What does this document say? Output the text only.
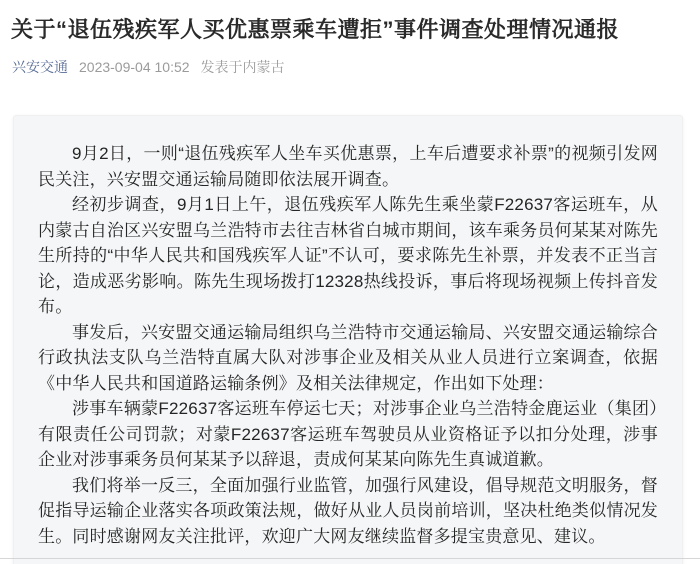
关于“退伍残疾军人买优惠票乘车遭拒”事件调查处理情况通报
兴安交通 2023-09-04 10:52 发表于内蒙古

9月2日，一则“退伍残疾军人坐车买优惠票，上车后遭要求补票”的视频引发网民关注，兴安盟交通运输局随即依法展开调查。

经初步调查，9月1日上午，退伍残疾军人陈先生乘坐蒙F22637客运班车，从内蒙古自治区兴安盟乌兰浩特市去往吉林省白城市期间，该车乘务员何某某对陈先生所持的“中华人民共和国残疾军人证”不认可，要求陈先生补票，并发表不正当言论，造成恶劣影响。陈先生现场拨打12328热线投诉，事后将现场视频上传抖音发布。

事发后，兴安盟交通运输局组织乌兰浩特市交通运输局、兴安盟交通运输综合行政执法支队乌兰浩特直属大队对涉事企业及相关从业人员进行立案调查，依据《中华人民共和国道路运输条例》及相关法律规定，作出如下处理：

涉事车辆蒙F22637客运班车停运七天；对涉事企业乌兰浩特金鹿运业（集团）有限责任公司罚款；对蒙F22637客运班车驾驶员从业资格证予以扣分处理，涉事企业对涉事乘务员何某某予以辞退，责成何某某向陈先生真诚道歉。

我们将举一反三，全面加强行业监管，加强行风建设，倡导规范文明服务，督促指导运输企业落实各项政策法规，做好从业人员岗前培训，坚决杜绝类似情况发生。同时感谢网友关注批评，欢迎广大网友继续监督多提宝贵意见、建议。
